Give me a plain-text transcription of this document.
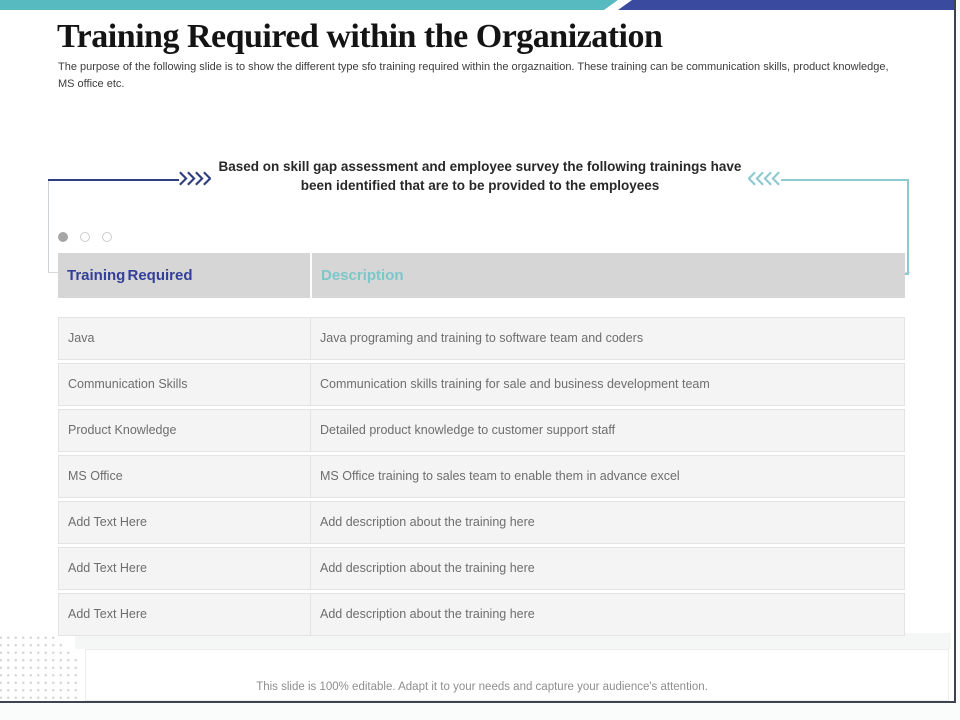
Training Required within the Organization
The purpose of the following slide is to show the different type sfo training required within the orgaznaition. These training can be communication skills, product knowledge, MS office etc.
Based on skill gap assessment and employee survey the following trainings have been identified that are to be provided to the employees
Training Required	Description
Java	Java programing and training to software team and coders
Communication Skills	Communication skills training for sale and business development team
Product Knowledge	Detailed product knowledge to customer support staff
MS Office	MS Office training to sales team to enable them in advance excel
Add Text Here	Add description about the training here
Add Text Here	Add description about the training here
Add Text Here	Add description about the training here
This slide is 100% editable. Adapt it to your needs and capture your audience's attention.
